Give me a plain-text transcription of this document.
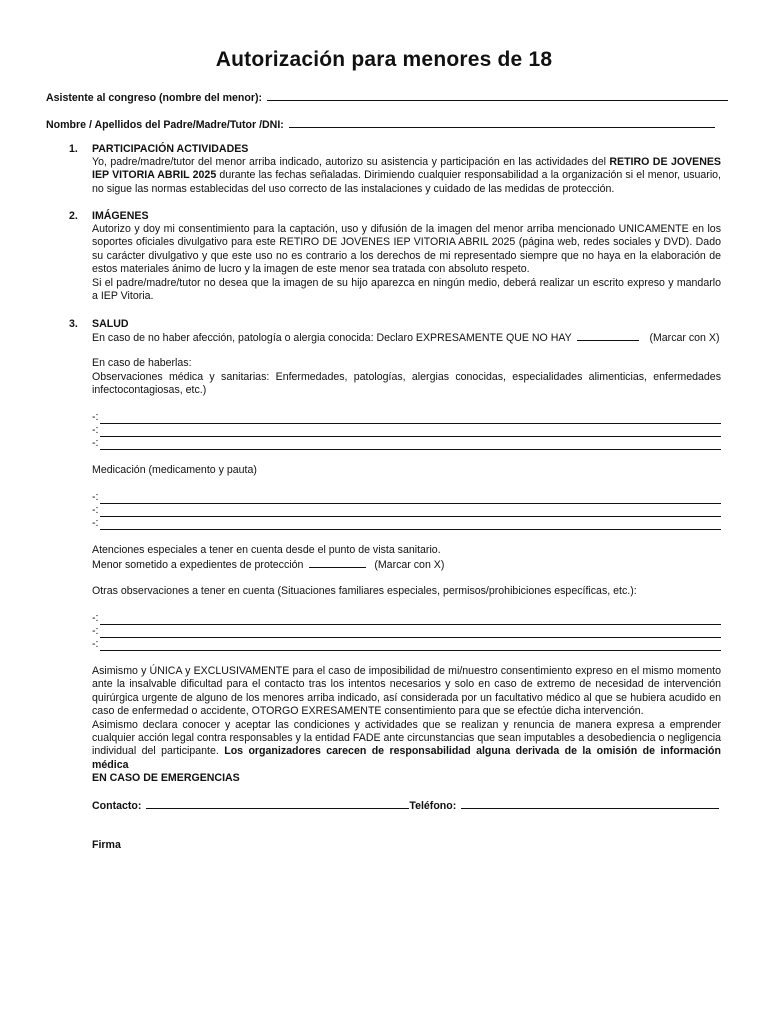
Autorización para menores de 18
Asistente al congreso (nombre del menor):
Nombre / Apellidos del Padre/Madre/Tutor /DNI:
1. PARTICIPACIÓN ACTIVIDADES

Yo, padre/madre/tutor del menor arriba indicado, autorizo su asistencia y participación en las actividades del RETIRO DE JOVENES IEP VITORIA ABRIL 2025 durante las fechas señaladas. Dirimiendo cualquier responsabilidad a la organización si el menor, usuario, no sigue las normas establecidas del uso correcto de las instalaciones y cuidado de las medidas de protección.

2. IMÁGENES

Autorizo y doy mi consentimiento para la captación, uso y difusión de la imagen del menor arriba mencionado UNICAMENTE en los soportes oficiales divulgativo para este RETIRO DE JOVENES IEP VITORIA ABRIL 2025 (página web, redes sociales y DVD). Dado su carácter divulgativo y que este uso no es contrario a los derechos de mi representado siempre que no haya en la elaboración de estos materiales ánimo de lucro y la imagen de este menor sea tratada con absoluto respeto.

Si el padre/madre/tutor no desea que la imagen de su hijo aparezca en ningún medio, deberá realizar un escrito expreso y mandarlo a IEP Vitoria.

3. SALUD
En caso de no haber afección, patología o alergia conocida: Declaro EXPRESAMENTE QUE NO HAY	(Marcar con X)
En caso de haberlas:
Observaciones médica y sanitarias: Enfermedades, patologías, alergias conocidas, especialidades alimenticias, enfermedades infectocontagiosas, etc.)
-:
-:
-:
Medicación (medicamento y pauta)
-:
-:
-:
Atenciones especiales a tener en cuenta desde el punto de vista sanitario.
Menor sometido a expedientes de protección	(Marcar con X)
Otras observaciones a tener en cuenta (Situaciones familiares especiales, permisos/prohibiciones específicas, etc.):
-:
-:
-:

Asimismo y ÚNICA y EXCLUSIVAMENTE para el caso de imposibilidad de mi/nuestro consentimiento expreso en el mismo momento ante la insalvable dificultad para el contacto tras los intentos necesarios y solo en caso de extremo de necesidad de intervención quirúrgica urgente de alguno de los menores arriba indicado, así considerada por un facultativo médico al que se hubiera acudido en caso de enfermedad o accidente, OTORGO EXRESAMENTE consentimiento para que se efectúe dicha intervención.

Asimismo declara conocer y aceptar las condiciones y actividades que se realizan y renuncia de manera expresa a emprender cualquier acción legal contra responsables y la entidad FADE ante circunstancias que sean imputables a desobediencia o negligencia individual del participante. Los organizadores carecen de responsabilidad alguna derivada de la omisión de información médica

EN CASO DE EMERGENCIAS
Contacto:	Teléfono:
Firma
